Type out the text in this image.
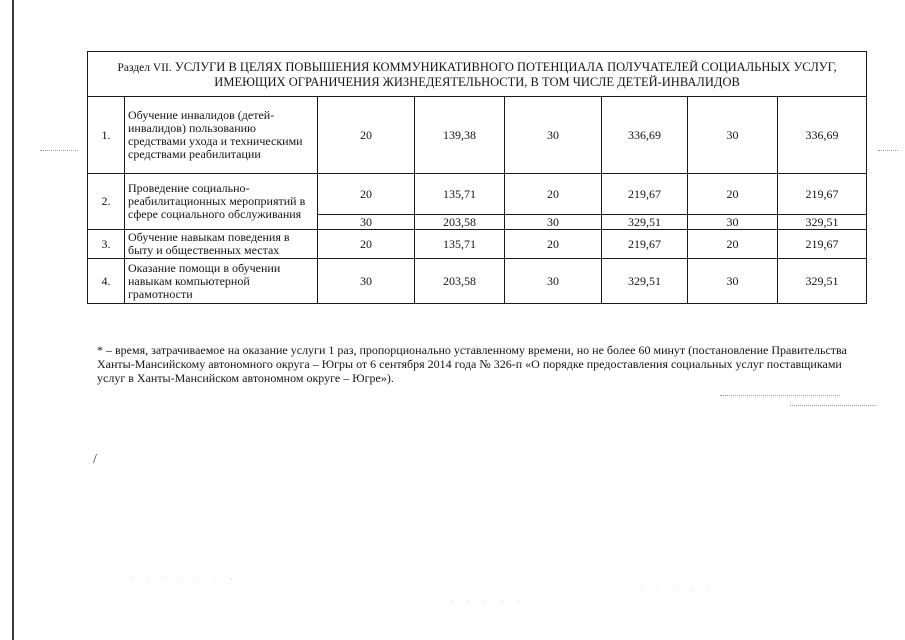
Раздел VII. УСЛУГИ В ЦЕЛЯХ ПОВЫШЕНИЯ КОММУНИКАТИВНОГО ПОТЕНЦИАЛА ПОЛУЧАТЕЛЕЙ СОЦИАЛЬНЫХ УСЛУГ, ИМЕЮЩИХ ОГРАНИЧЕНИЯ ЖИЗНЕДЕЯТЕЛЬНОСТИ, В ТОМ ЧИСЛЕ ДЕТЕЙ-ИНВАЛИДОВ							
1.	Обучение инвалидов (детей-инвалидов) пользованию средствами ухода и техническими средствами реабилитации	20	139,38	30	336,69	30	336,69
2.	Проведение социально-реабилитационных мероприятий в сфере социального обслуживания	20	135,71	20	219,67	20	219,67
		30	203,58	30	329,51	30	329,51
3.	Обучение навыкам поведения в быту и общественных местах	20	135,71	20	219,67	20	219,67
4.	Оказание помощи в обучении навыкам компьютерной грамотности	30	203,58	30	329,51	30	329,51
* – время, затрачиваемое на оказание услуги 1 раз, пропорционально уставленному времени, но не более 60 минут (постановление Правительства Ханты-Мансийскому автономного округа – Югры от 6 сентября 2014 года № 326-п «О порядке предоставления социальных услуг поставщиками услуг в Ханты-Мансийском автономном округе – Югре»).
/
· · · · · · ·
· · · · ·
· · · · ·
